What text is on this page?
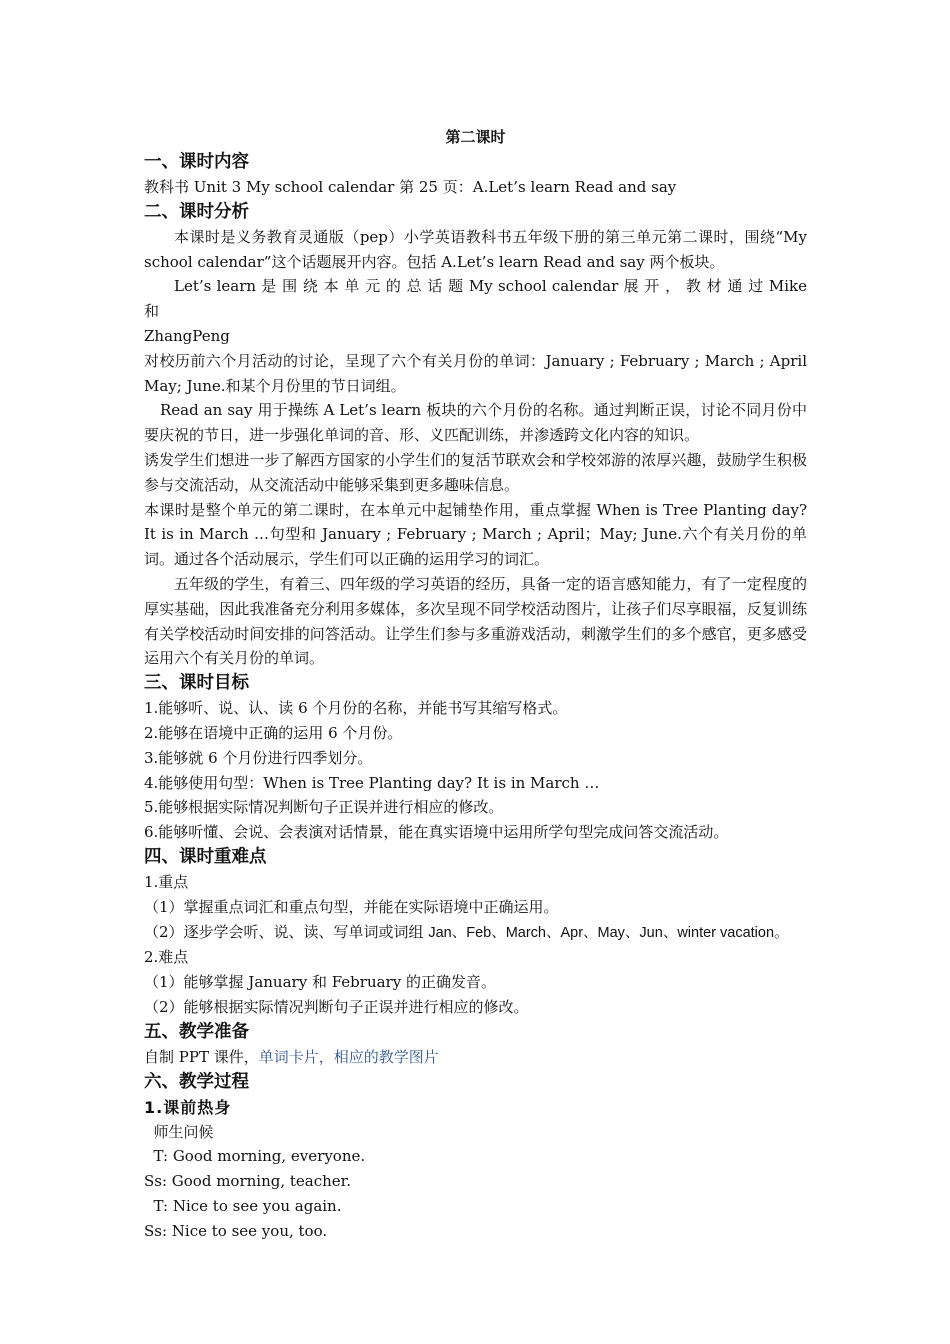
第二课时

一、课时内容

教科书 Unit 3 My school calendar 第 25 页：A.Let’s learn Read and say

二、课时分析

本课时是义务教育灵通版（pep）小学英语教科书五年级下册的第三单元第二课时，围绕“My school calendar”这个话题展开内容。包括 A.Let’s learn Read and say 两个板块。

Let’s learn 是 围 绕 本 单 元 的 总 话 题 My school calendar 展 开 ， 教 材 通 过 Mike 和

ZhangPeng

对校历前六个月活动的讨论，呈现了六个有关月份的单词：January ; February ; March ; April May; June.和某个月份里的节日词组。

Read an say 用于操练 A Let’s learn 板块的六个月份的名称。通过判断正误，讨论不同月份中要庆祝的节日，进一步强化单词的音、形、义匹配训练，并渗透跨文化内容的知识。

诱发学生们想进一步了解西方国家的小学生们的复活节联欢会和学校郊游的浓厚兴趣，鼓励学生积极参与交流活动，从交流活动中能够采集到更多趣味信息。

本课时是整个单元的第二课时，在本单元中起铺垫作用，重点掌握 When is Tree Planting day? It is in March …句型和 January ; February ; March ; April；May; June.六个有关月份的单词。通过各个活动展示，学生们可以正确的运用学习的词汇。

五年级的学生，有着三、四年级的学习英语的经历，具备一定的语言感知能力，有了一定程度的厚实基础，因此我准备充分利用多媒体，多次呈现不同学校活动图片，让孩子们尽享眼福，反复训练有关学校活动时间安排的问答活动。让学生们参与多重游戏活动，刺激学生们的多个感官，更多感受运用六个有关月份的单词。

三、课时目标

1.能够听、说、认、读 6 个月份的名称，并能书写其缩写格式。

2.能够在语境中正确的运用 6 个月份。

3.能够就 6 个月份进行四季划分。

4.能够使用句型：When is Tree Planting day? It is in March …

5.能够根据实际情况判断句子正误并进行相应的修改。

6.能够听懂、会说、会表演对话情景，能在真实语境中运用所学句型完成问答交流活动。

四、课时重难点

1.重点

（1）掌握重点词汇和重点句型，并能在实际语境中正确运用。

（2）逐步学会听、说、读、写单词或词组 Jan、Feb、March、Apr、May、Jun、winter vacation。

2.难点

（1）能够掌握 January 和 February 的正确发音。

（2）能够根据实际情况判断句子正误并进行相应的修改。

五、教学准备

自制 PPT 课件，单词卡片，相应的教学图片

六、教学过程

1.课前热身

师生问候

T: Good morning, everyone.

Ss: Good morning, teacher.

T: Nice to see you again.

Ss: Nice to see you, too.
